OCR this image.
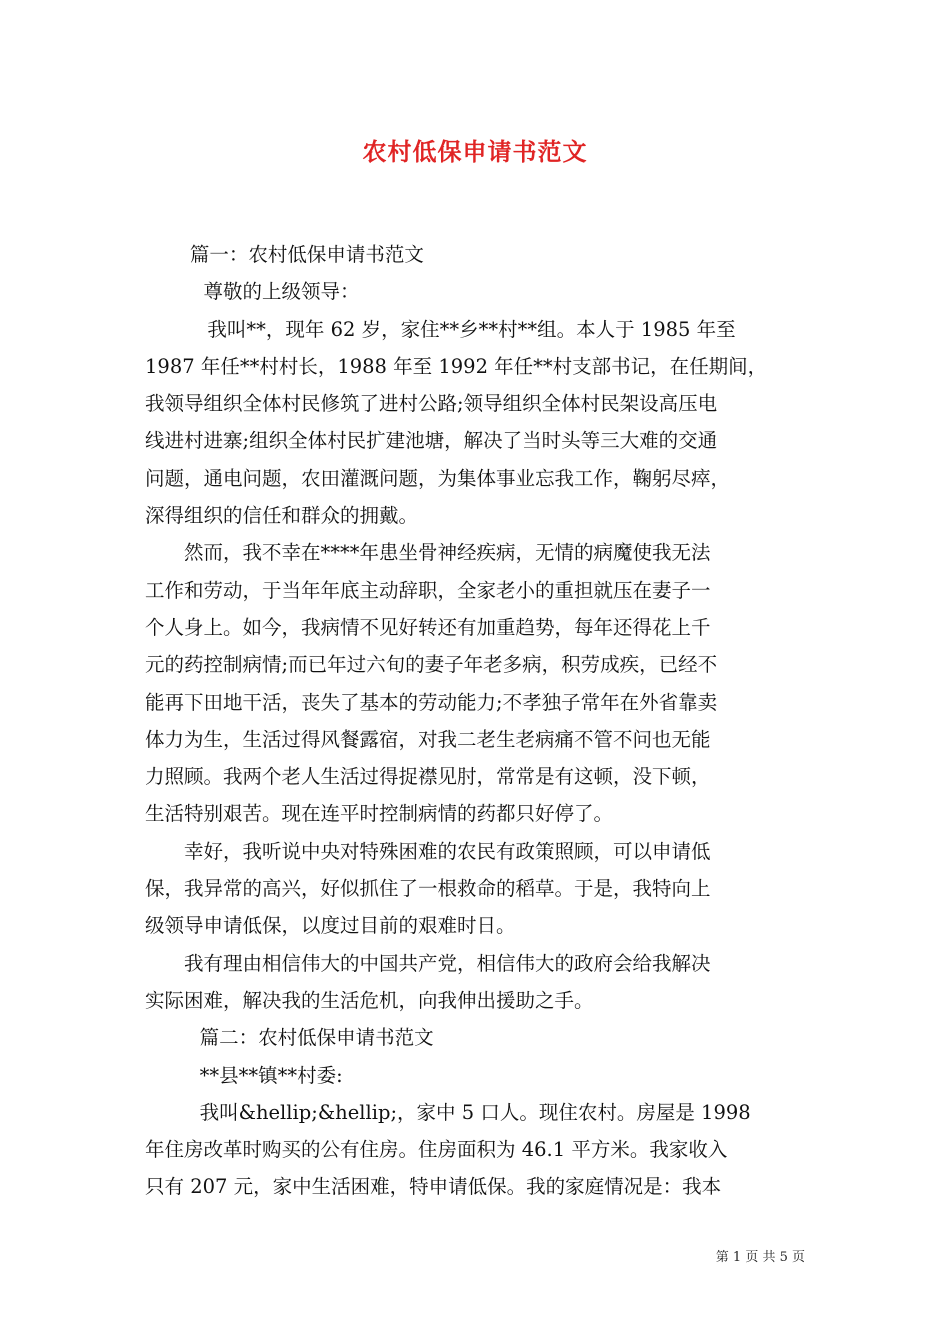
农村低保申请书范文
篇一：农村低保申请书范文
尊敬的上级领导：
我叫**，现年 62 岁，家住**乡**村**组。本人于 1985 年至
1987 年任**村村长，1988 年至 1992 年任**村支部书记，在任期间，
我领导组织全体村民修筑了进村公路;领导组织全体村民架设高压电
线进村进寨;组织全体村民扩建池塘，解决了当时头等三大难的交通
问题，通电问题，农田灌溉问题，为集体事业忘我工作，鞠躬尽瘁，
深得组织的信任和群众的拥戴。
然而，我不幸在****年患坐骨神经疾病，无情的病魔使我无法
工作和劳动，于当年年底主动辞职，全家老小的重担就压在妻子一
个人身上。如今，我病情不见好转还有加重趋势，每年还得花上千
元的药控制病情;而已年过六旬的妻子年老多病，积劳成疾，已经不
能再下田地干活，丧失了基本的劳动能力;不孝独子常年在外省靠卖
体力为生，生活过得风餐露宿，对我二老生老病痛不管不问也无能
力照顾。我两个老人生活过得捉襟见肘，常常是有这顿，没下顿，
生活特别艰苦。现在连平时控制病情的药都只好停了。
幸好，我听说中央对特殊困难的农民有政策照顾，可以申请低
保，我异常的高兴，好似抓住了一根救命的稻草。于是，我特向上
级领导申请低保，以度过目前的艰难时日。
我有理由相信伟大的中国共产党，相信伟大的政府会给我解决
实际困难，解决我的生活危机，向我伸出援助之手。
篇二：农村低保申请书范文
**县**镇**村委:
我叫&hellip;&hellip;，家中 5 口人。现住农村。房屋是 1998
年住房改革时购买的公有住房。住房面积为 46.1 平方米。我家收入
只有 207 元，家中生活困难，特申请低保。我的家庭情况是：我本
第 1 页 共 5 页
